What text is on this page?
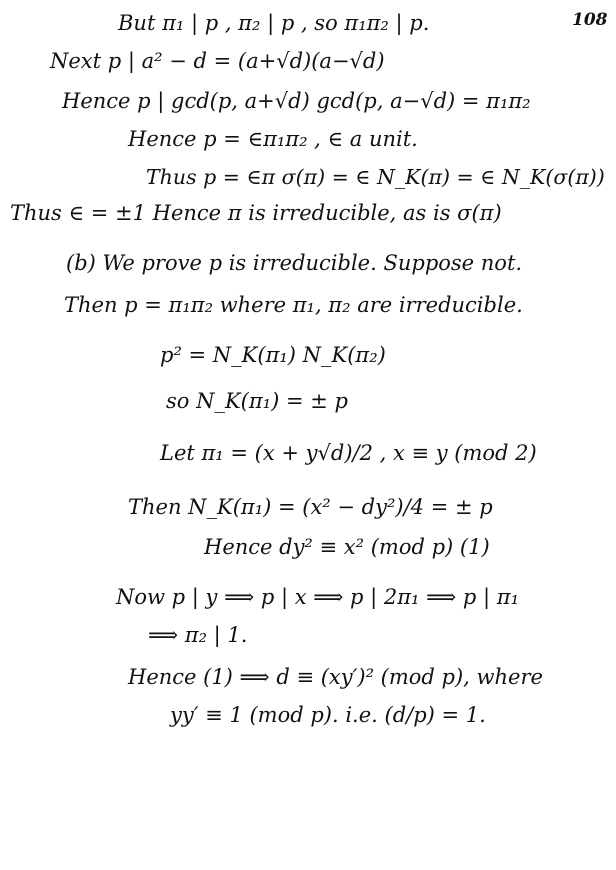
108

But π₁ | p , π₂ | p , so π₁π₂ | p.

Next p | a² − d = (a+√d)(a−√d)

Hence p | gcd(p, a+√d) gcd(p, a−√d) = π₁π₂

Hence p = ∈π₁π₂ , ∈ a unit.

Thus p = ∈π σ(π) = ∈ N_K(π) = ∈ N_K(σ(π))

Thus ∈ = ±1 Hence π is irreducible, as is σ(π)

(b) We prove p is irreducible. Suppose not.

Then p = π₁π₂ where π₁, π₂ are irreducible.

p² = N_K(π₁) N_K(π₂)

so N_K(π₁) = ± p

Let π₁ = (x + y√d)/2 , x ≡ y (mod 2)

Then N_K(π₁) = (x² − dy²)/4 = ± p

Hence dy² ≡ x² (mod p) (1)

Now p | y ⟹ p | x ⟹ p | 2π₁ ⟹ p | π₁

⟹ π₂ | 1.

Hence (1) ⟹ d ≡ (xy′)² (mod p), where

yy′ ≡ 1 (mod p). i.e. (d/p) = 1.
